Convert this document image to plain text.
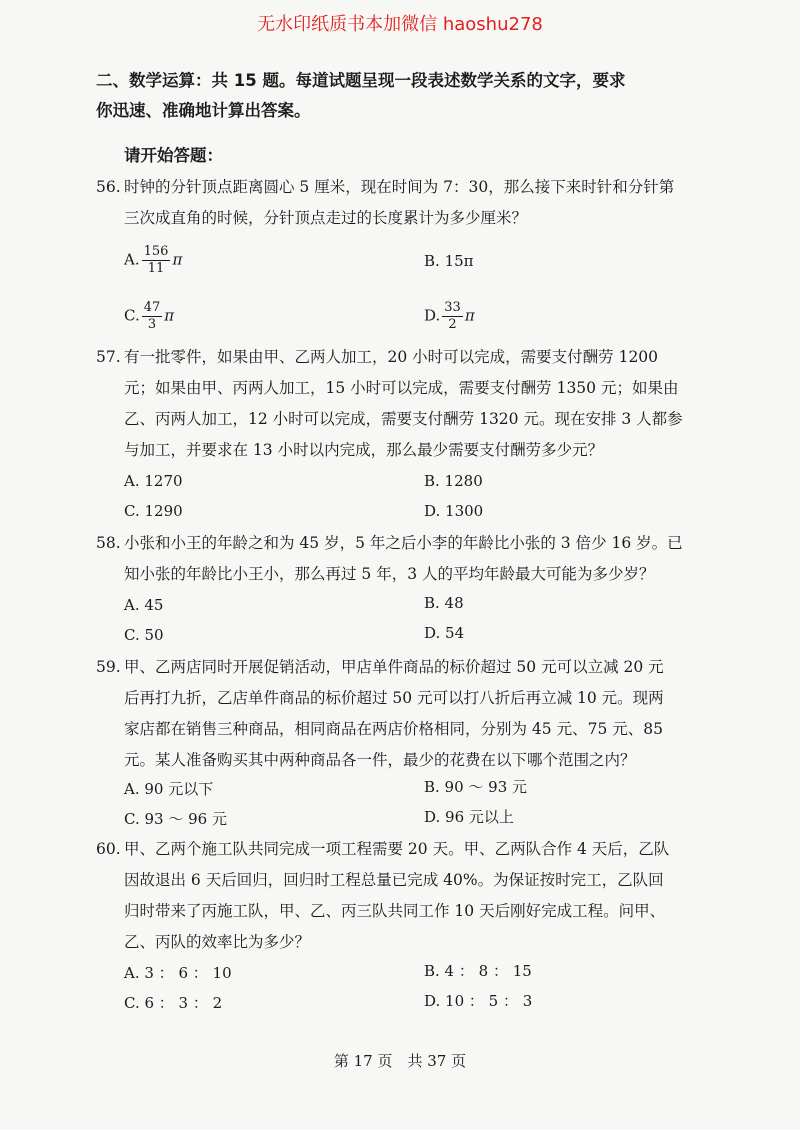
无水印纸质书本加微信 haoshu278
二、数学运算：共 15 题。每道试题呈现一段表述数学关系的文字，要求
你迅速、准确地计算出答案。
请开始答题：
56. 时钟的分针顶点距离圆心 5 厘米，现在时间为 7：30，那么接下来时针和分针第
三次成直角的时候，分针顶点走过的长度累计为多少厘米？
A. $\frac{156}{11}$ π	B. 15π
C. $\frac{47}{3}$ π	D. $\frac{33}{2}$ π
57. 有一批零件，如果由甲、乙两人加工，20 小时可以完成，需要支付酬劳 1200
元；如果由甲、丙两人加工，15 小时可以完成，需要支付酬劳 1350 元；如果由
乙、丙两人加工，12 小时可以完成，需要支付酬劳 1320 元。现在安排 3 人都参
与加工，并要求在 13 小时以内完成，那么最少需要支付酬劳多少元？
A. 1270	B. 1280
C. 1290	D. 1300
58. 小张和小王的年龄之和为 45 岁，5 年之后小李的年龄比小张的 3 倍少 16 岁。已
知小张的年龄比小王小，那么再过 5 年，3 人的平均年龄最大可能为多少岁？
A. 45	B. 48
C. 50	D. 54
59. 甲、乙两店同时开展促销活动，甲店单件商品的标价超过 50 元可以立减 20 元
后再打九折，乙店单件商品的标价超过 50 元可以打八折后再立减 10 元。现两
家店都在销售三种商品，相同商品在两店价格相同，分别为 45 元、75 元、85
元。某人准备购买其中两种商品各一件，最少的花费在以下哪个范围之内？
A. 90 元以下	B. 90 ～ 93 元
C. 93 ～ 96 元	D. 96 元以上
60. 甲、乙两个施工队共同完成一项工程需要 20 天。甲、乙两队合作 4 天后，乙队
因故退出 6 天后回归，回归时工程总量已完成 40%。为保证按时完工，乙队回
归时带来了丙施工队，甲、乙、丙三队共同工作 10 天后刚好完成工程。问甲、
乙、丙队的效率比为多少？
A. 3 ： 6 ： 10	B. 4 ： 8 ： 15
C. 6 ： 3 ： 2	D. 10 ： 5 ： 3
第 17 页　共 37 页
